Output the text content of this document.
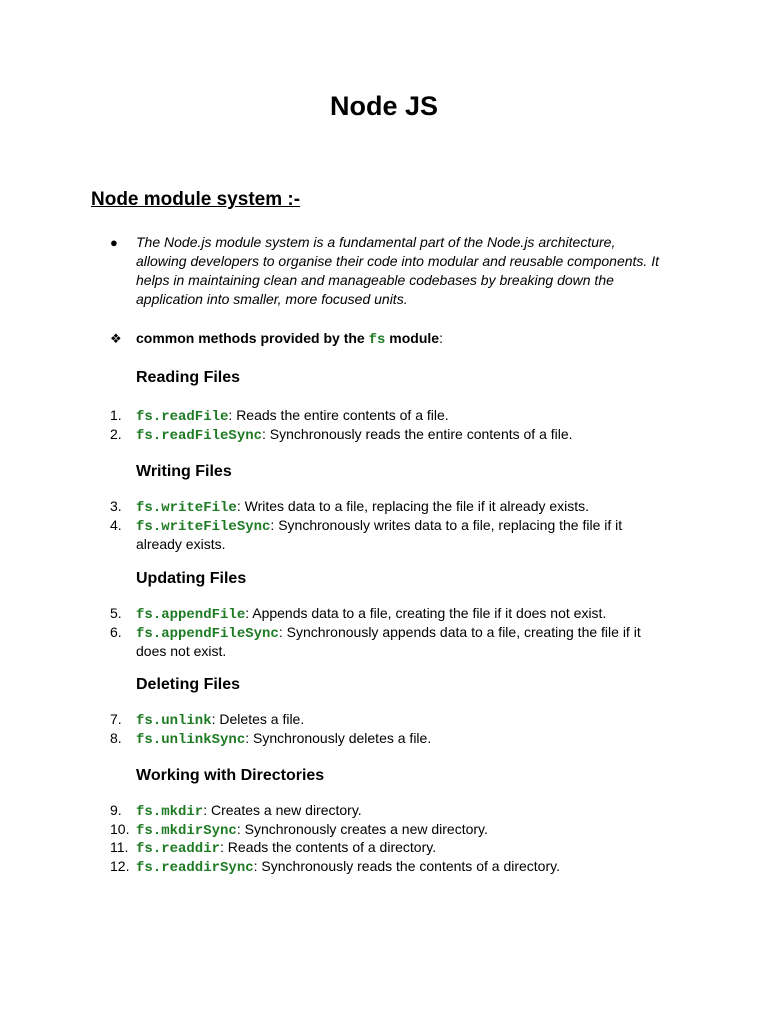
Node JS
Node module system :-
● The Node.js module system is a fundamental part of the Node.js architecture, allowing developers to organise their code into modular and reusable components. It helps in maintaining clean and manageable codebases by breaking down the application into smaller, more focused units.
❖ common methods provided by the fs module:
Reading Files
1.	fs.readFile: Reads the entire contents of a file.
2.	fs.readFileSync: Synchronously reads the entire contents of a file.
Writing Files
3.	fs.writeFile: Writes data to a file, replacing the file if it already exists.
4.	fs.writeFileSync: Synchronously writes data to a file, replacing the file if it already exists.
Updating Files
5.	fs.appendFile: Appends data to a file, creating the file if it does not exist.
6.	fs.appendFileSync: Synchronously appends data to a file, creating the file if it does not exist.
Deleting Files
7.	fs.unlink: Deletes a file.
8.	fs.unlinkSync: Synchronously deletes a file.
Working with Directories
9.	fs.mkdir: Creates a new directory.
10. fs.mkdirSync: Synchronously creates a new directory.
11. fs.readdir: Reads the contents of a directory.
12. fs.readdirSync: Synchronously reads the contents of a directory.
